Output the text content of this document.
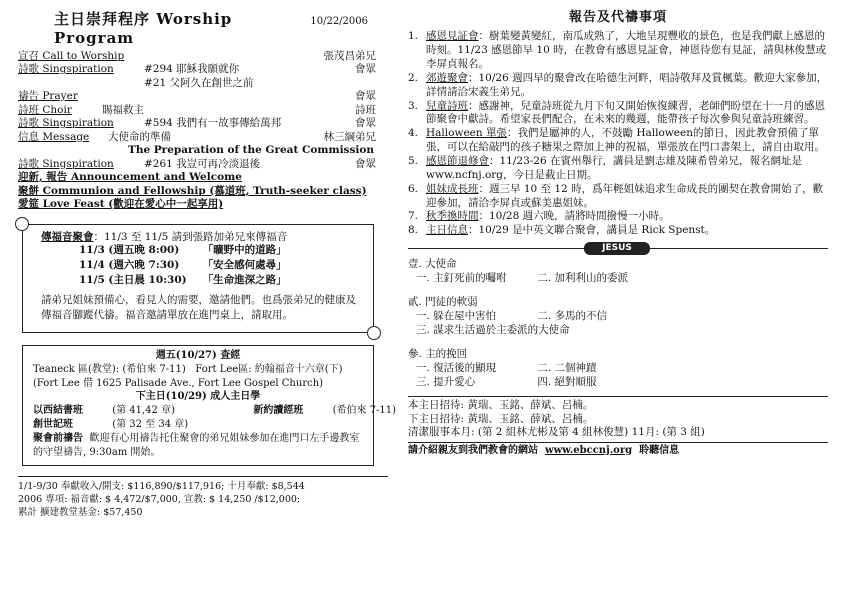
主日崇拜程序 Worship Program
10/22/2006
宣召 Call to Worship	張茂昌弟兄
詩歌 Singspiration	#294 耶穌我願就你	會眾
#21 父阿久在創世之前
禱告 Prayer	會眾
詩班 Choir	賜福救主	詩班
詩歌 Singspiration	#594 我們有一故事傳給萬邦	會眾
信息 Message 大使命的準備	林三綱弟兄
The Preparation of the Great Commission
詩歌 Singspiration	#261 我豈可再冷淡退後	會眾
迎新, 報告 Announcement and Welcome
聚餅 Communion and Fellowship (慕道班, Truth-seeker class)
愛筵 Love Feast (歡迎在愛心中一起享用)
傳福音聚會：11/3 至 11/5 請到張路加弟兄來傳福音
11/3 (週五晚 8:00) 「曠野中的道路」
11/4 (週六晚 7:30) 「安全感何處尋」
11/5 (主日晨 10:30) 「生命進深之路」
請弟兄姐妹預備心，看見人的需要，邀請他們。也爲張弟兄的健康及傳福音腳蹤代禱。福音邀請單放在進門桌上，請取用。
週五(10/27) 查經
Teaneck 區(教堂): (希伯來 7-11) Fort Lee區: 約翰福音十六章(下)
(Fort Lee 借 1625 Palisade Ave., Fort Lee Gospel Church)
下主日(10/29) 成人主日學
以西結書班	(第 41,42 章)	新約讀經班	(希伯來 7-11)
創世記班	(第 32 至 34 章)
聚會前禱告 歡迎有心用禱告托住聚會的弟兄姐妹參加在進門口左手邊教室的守望禱告, 9:30am 開始。
1/1-9/30 奉獻收入/開支: $116,890/$117,916; 十月奉獻: $8,544
2006 專項: 福音獻: $ 4,472/$7,000, 宣教: $ 14,250 /$12,000;
累計 擴建教堂基金: $57,450
報告及代禱事項
1. 感恩見証會：樹葉變黃變紅，南瓜成熟了，大地呈現豐收的景色，也是我們獻上感恩的時刻。11/23 感恩節早 10 時，在教會有感恩見証會，神恩待您有見証，請與林俊慧或李屏貞報名。
2. 郊遊聚會：10/26 週四早的聚會改在哈德生河畔，唱詩敬拜及賞楓葉。歡迎大家參加，詳情請洽宋義生弟兄。
3. 兒童詩班：感謝神，兒童詩班從九月下旬又開始恢復練習，老師們盼望在十一月的感恩節聚會中獻詩。希望家長們配合，在未來的幾週，能帶孩子每次參與兒童詩班練習。
4. Halloween 單張：我們是屬神的人，不鼓勵 Halloween的節日，因此教會預備了單張，可以在給敲門的孩子糖果之際加上神的祝福，單張放在門口書架上，請自由取用。
5. 感恩節退修會：11/23-26 在賓州舉行，講員是劉志雄及陳希曾弟兄，報名網址是 www.ncfnj.org，今日是截止日期。
6. 姐妹成長班：週三早 10 至 12 時，爲年輕姐妹追求生命成長的團契在教會開始了，歡迎參加，請洽李屏貞或蘇美惠姐妹。
7. 秋季換時間：10/28 週六晚，請將時間撥慢一小時。
8. 主日信息：10/29 是中英文聯合聚會，講員是 Rick Spenst。
JESUS
壹. 大使命
一. 主釘死前的囑咐	二. 加利利山的委派
貳. 門徒的軟弱
一. 躲在屋中害怕	二. 多馬的不信
三. 謀求生活過於主委派的大使命
參. 主的挽回
一. 復活後的顯現	二. 二個神蹟
三. 提升愛心	四. 絕對順服
本主日招待: 黃瑞、玉銘、薛斌、呂楠。
下主日招待: 黃瑞、玉銘、薛斌、呂楠。
清潔服事本月: (第 2 組林尤彬及第 4 組林俊慧) 11月: (第 3 組)
請介紹親友到我們教會的網站 www.ebccnj.org 聆聽信息
